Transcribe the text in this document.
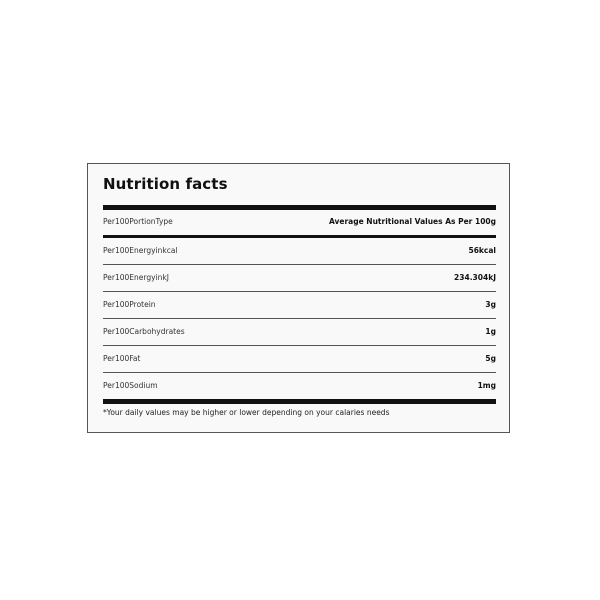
Nutrition facts
Per100PortionType	Average Nutritional Values As Per 100g
Per100Energyinkcal	56kcal
Per100EnergyinkJ	234.304kJ
Per100Protein	3g
Per100Carbohydrates	1g
Per100Fat	5g
Per100Sodium	1mg
*Your daily values may be higher or lower depending on your calaries needs
